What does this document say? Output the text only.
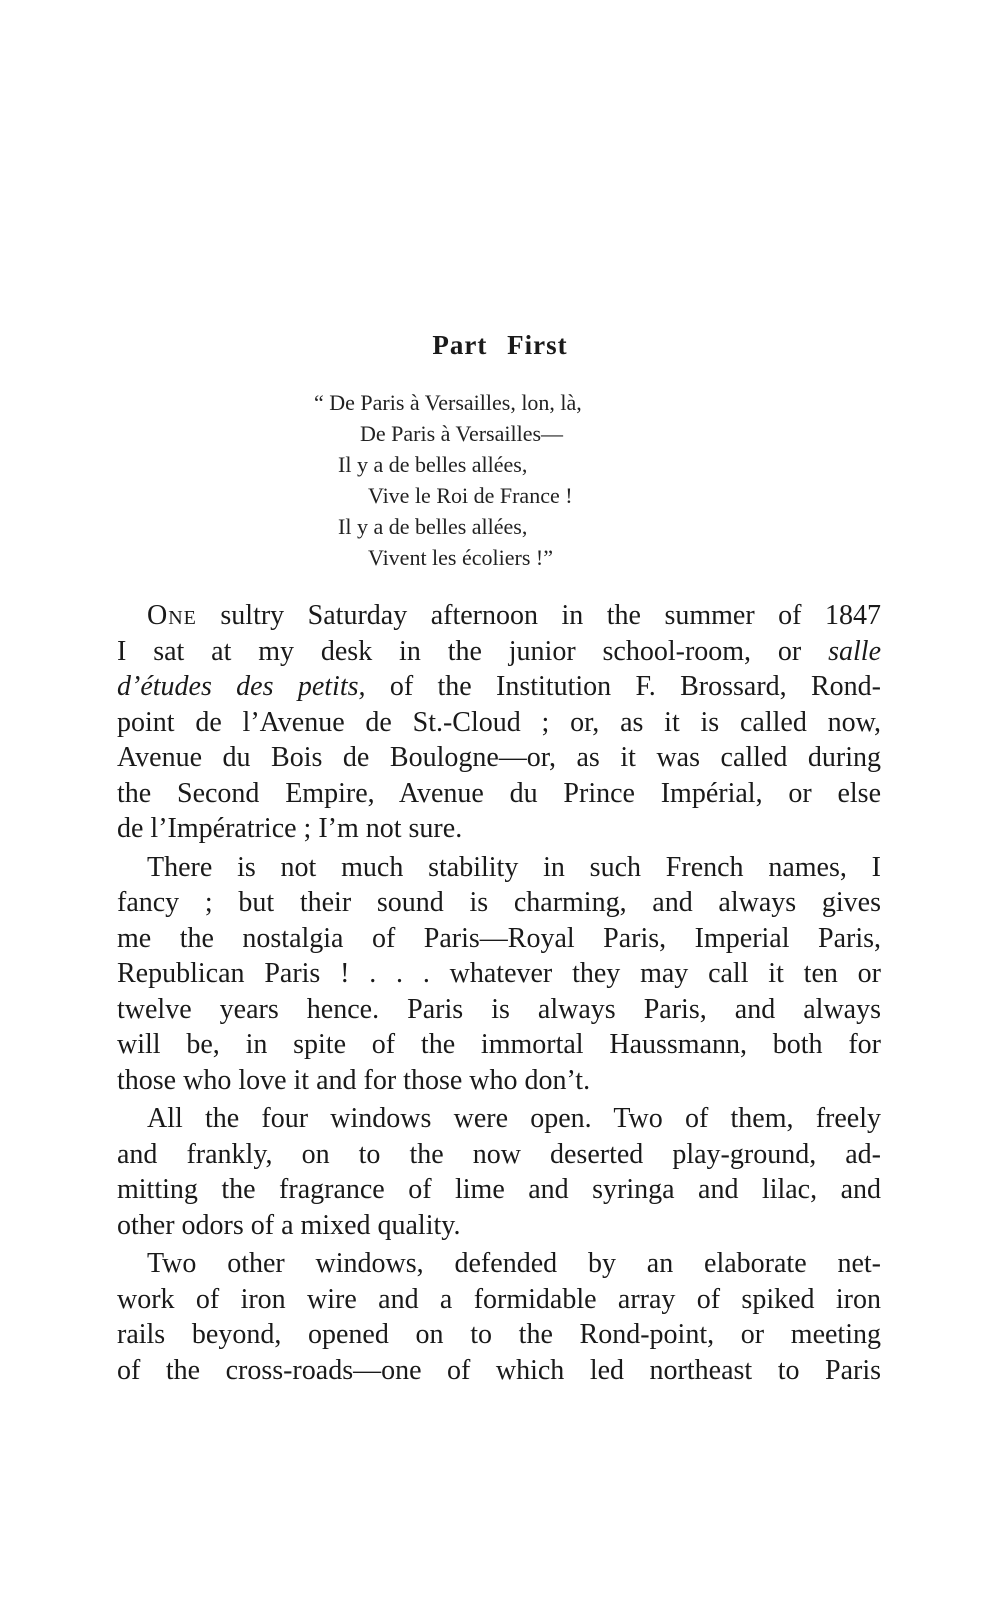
Part First
“ De Paris à Versailles, lon, là,
De Paris à Versailles—
Il y a de belles allées,
Vive le Roi de France !
Il y a de belles allées,
Vivent les écoliers !”
One sultry Saturday afternoon in the summer of 1847
I sat at my desk in the junior school-room, or salle
d’études des petits, of the Institution F. Brossard, Rond-
point de l’Avenue de St.-Cloud ; or, as it is called now,
Avenue du Bois de Boulogne—or, as it was called during
the Second Empire, Avenue du Prince Impérial, or else
de l’Impératrice ; I’m not sure.
There is not much stability in such French names, I
fancy ; but their sound is charming, and always gives
me the nostalgia of Paris—Royal Paris, Imperial Paris,
Republican Paris ! . . . whatever they may call it ten or
twelve years hence. Paris is always Paris, and always
will be, in spite of the immortal Haussmann, both for
those who love it and for those who don’t.
All the four windows were open. Two of them, freely
and frankly, on to the now deserted play-ground, ad-
mitting the fragrance of lime and syringa and lilac, and
other odors of a mixed quality.
Two other windows, defended by an elaborate net-
work of iron wire and a formidable array of spiked iron
rails beyond, opened on to the Rond-point, or meeting
of the cross-roads—one of which led northeast to Paris
